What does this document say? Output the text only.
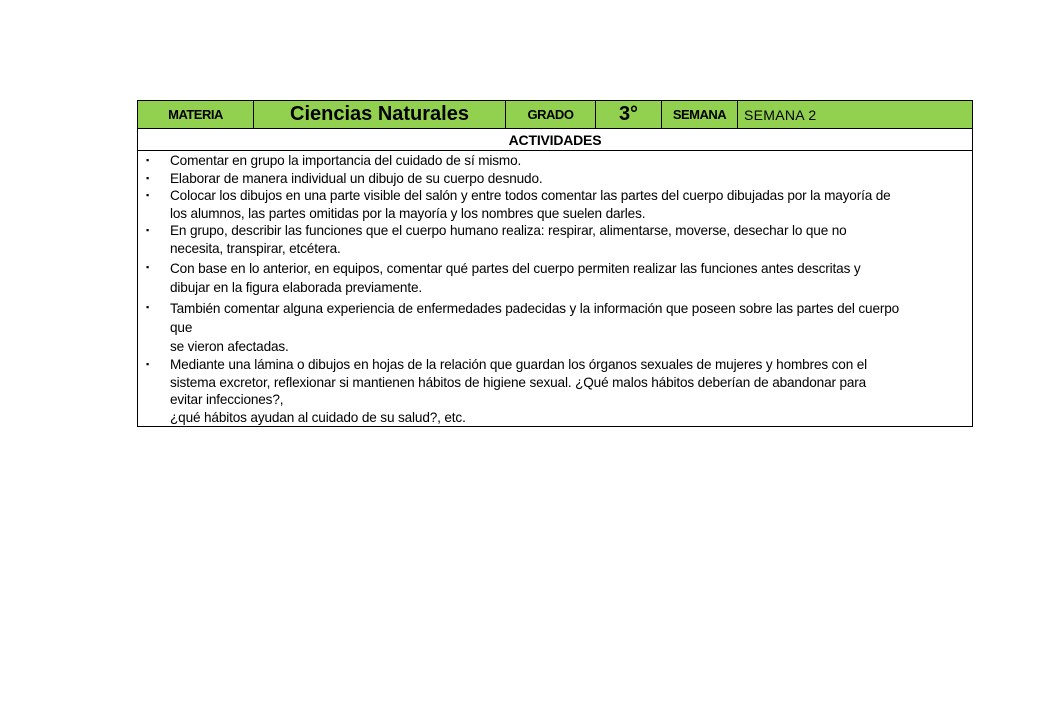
MATERIA	Ciencias Naturales	GRADO	3°	SEMANA	SEMANA 2
ACTIVIDADES

▪ Comentar en grupo la importancia del cuidado de sí mismo.
▪ Elaborar de manera individual un dibujo de su cuerpo desnudo.
▪ Colocar los dibujos en una parte visible del salón y entre todos comentar las partes del cuerpo dibujadas por la mayoría de
los alumnos, las partes omitidas por la mayoría y los nombres que suelen darles.
▪ En grupo, describir las funciones que el cuerpo humano realiza: respirar, alimentarse, moverse, desechar lo que no
necesita, transpirar, etcétera.
▪ Con base en lo anterior, en equipos, comentar qué partes del cuerpo permiten realizar las funciones antes descritas y
dibujar en la figura elaborada previamente.
▪ También comentar alguna experiencia de enfermedades padecidas y la información que poseen sobre las partes del cuerpo
que
se vieron afectadas.
▪ Mediante una lámina o dibujos en hojas de la relación que guardan los órganos sexuales de mujeres y hombres con el
sistema excretor, reflexionar si mantienen hábitos de higiene sexual. ¿Qué malos hábitos deberían de abandonar para
evitar infecciones?,
¿qué hábitos ayudan al cuidado de su salud?, etc.
